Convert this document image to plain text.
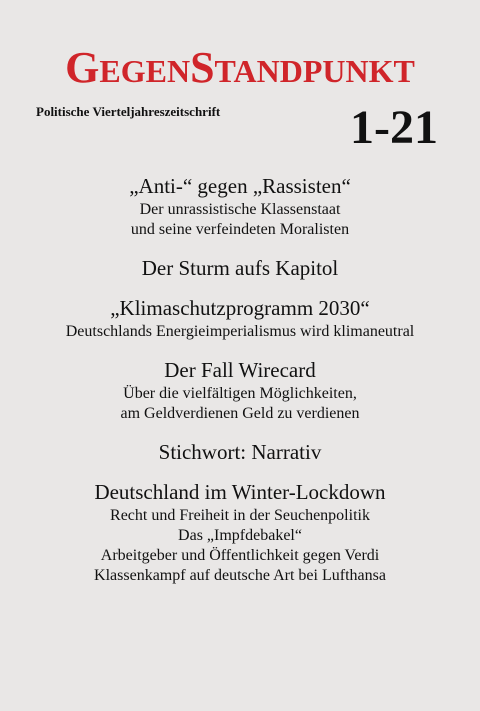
GEGENSTANDPUNKT
Politische Vierteljahreszeitschrift	1-21
„Anti-“ gegen „Rassisten“
Der unrassistische Klassenstaat
und seine verfeindeten Moralisten
Der Sturm aufs Kapitol
„Klimaschutzprogramm 2030“
Deutschlands Energieimperialismus wird klimaneutral
Der Fall Wirecard
Über die vielfältigen Möglichkeiten,
am Geldverdienen Geld zu verdienen
Stichwort: Narrativ
Deutschland im Winter-Lockdown
Recht und Freiheit in der Seuchenpolitik
Das „Impfdebakel“
Arbeitgeber und Öffentlichkeit gegen Verdi
Klassenkampf auf deutsche Art bei Lufthansa
